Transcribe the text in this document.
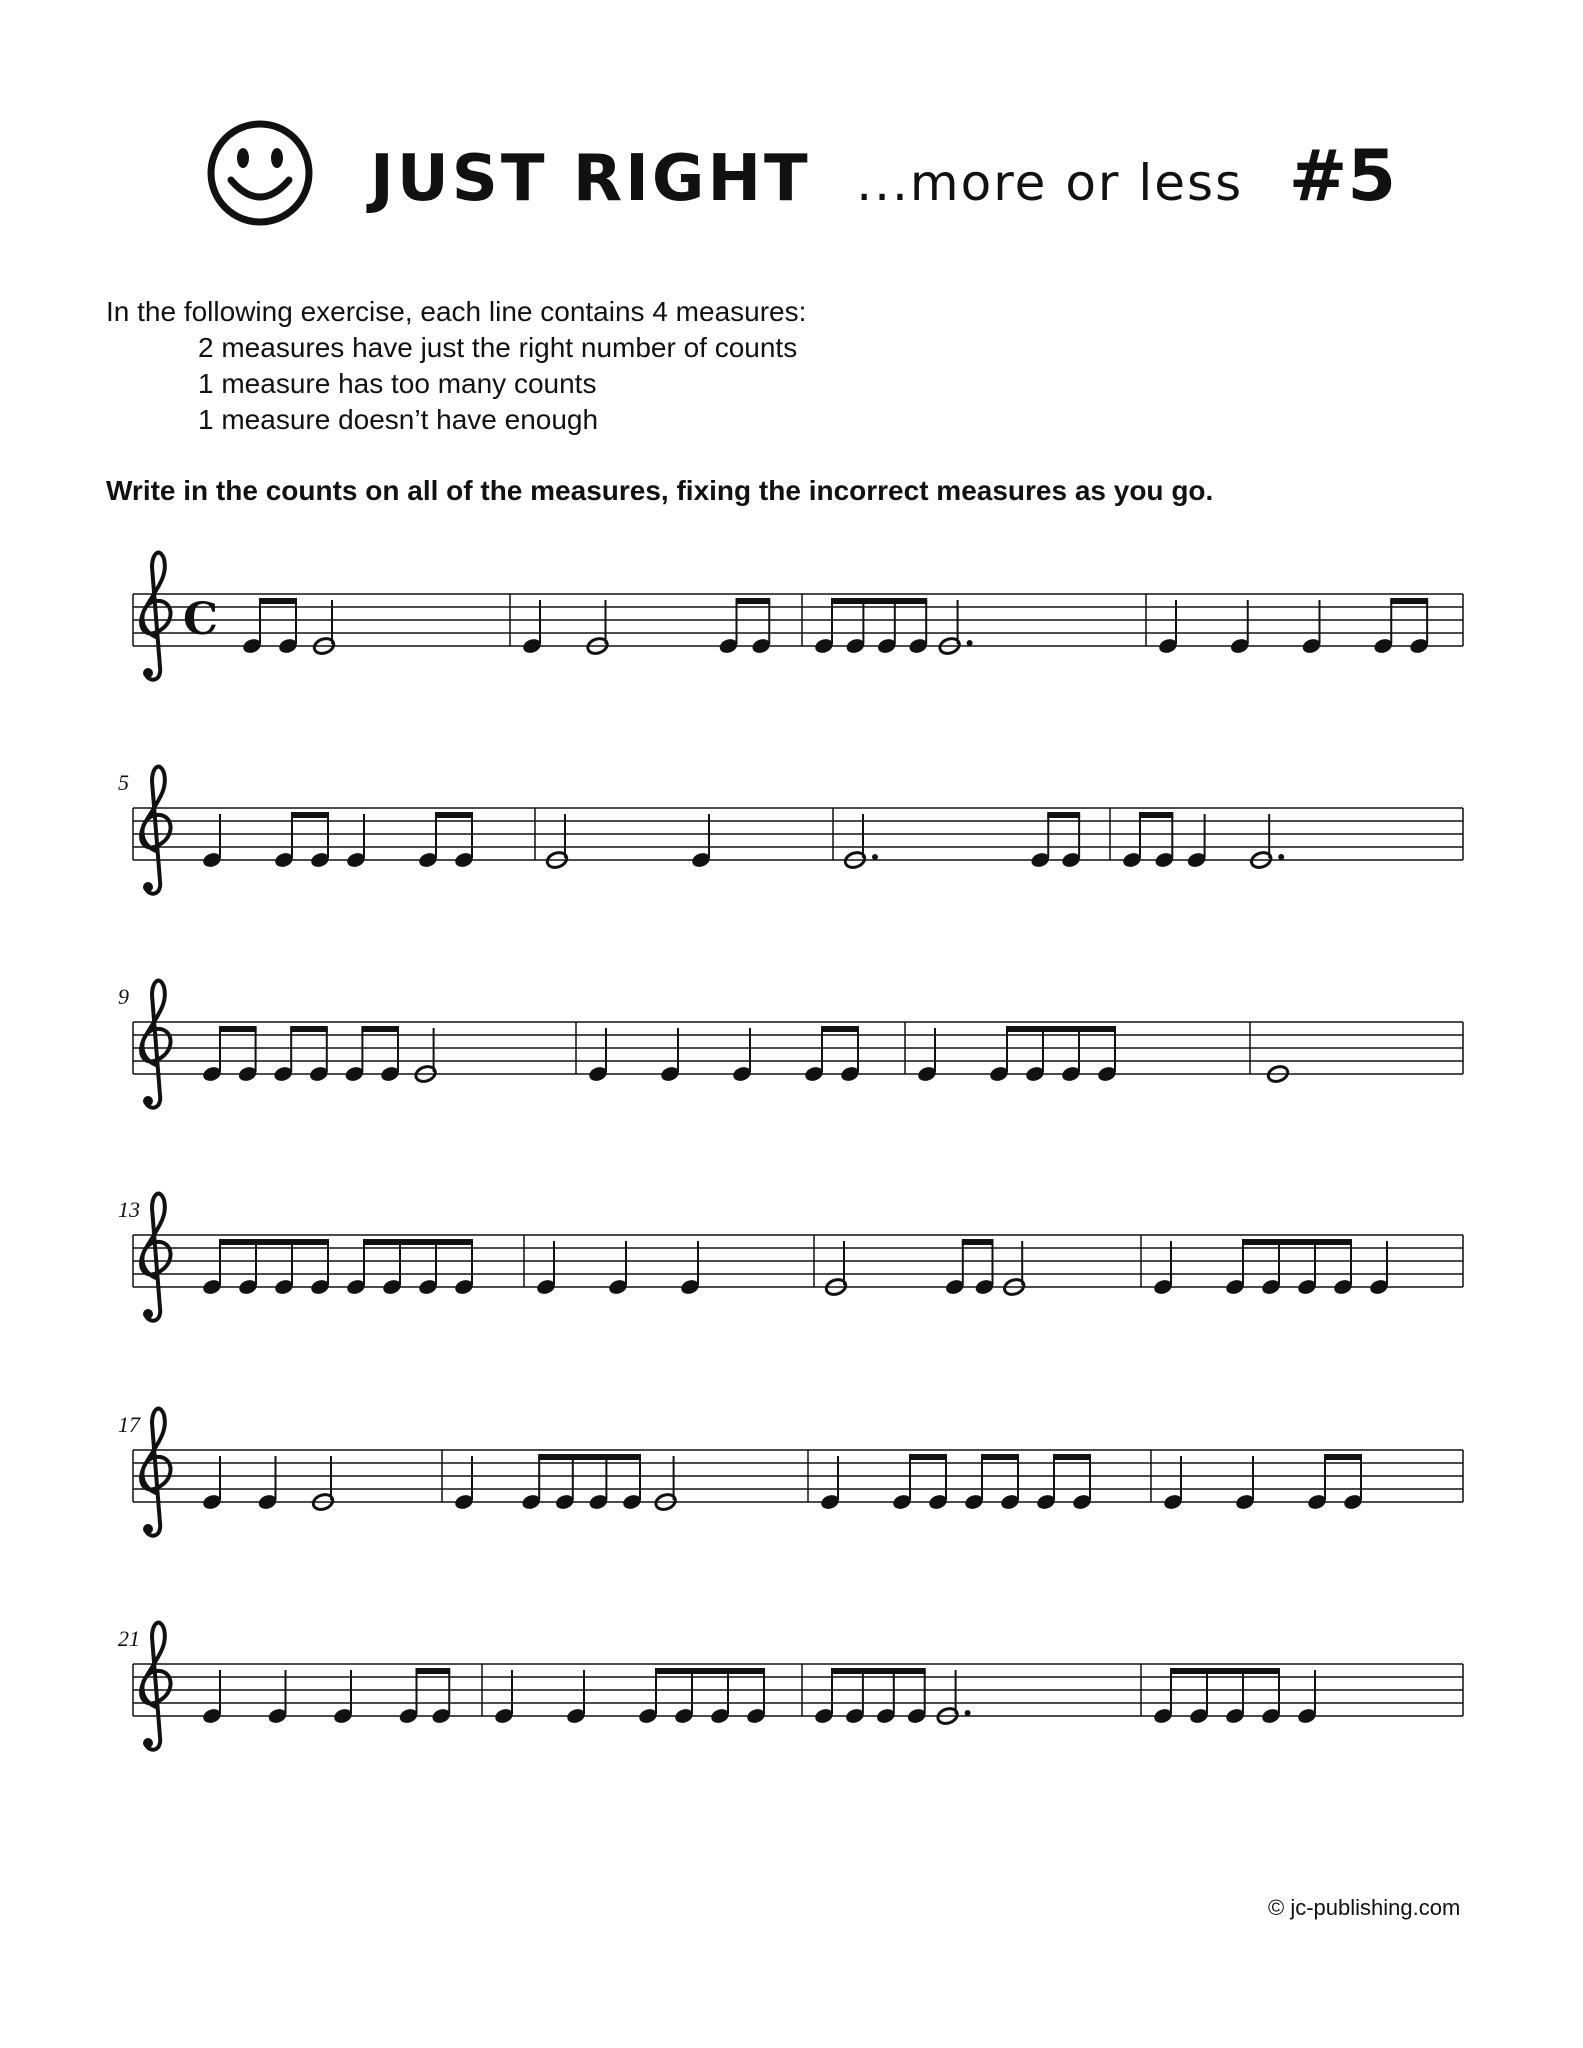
JUST RIGHT ...more or less #5
In the following exercise, each line contains 4 measures:
2 measures have just the right number of counts
1 measure has too many counts
1 measure doesn’t have enough
Write in the counts on all of the measures, fixing the incorrect measures as you go.
C
5
9
13
17
21
© jc-publishing.com
